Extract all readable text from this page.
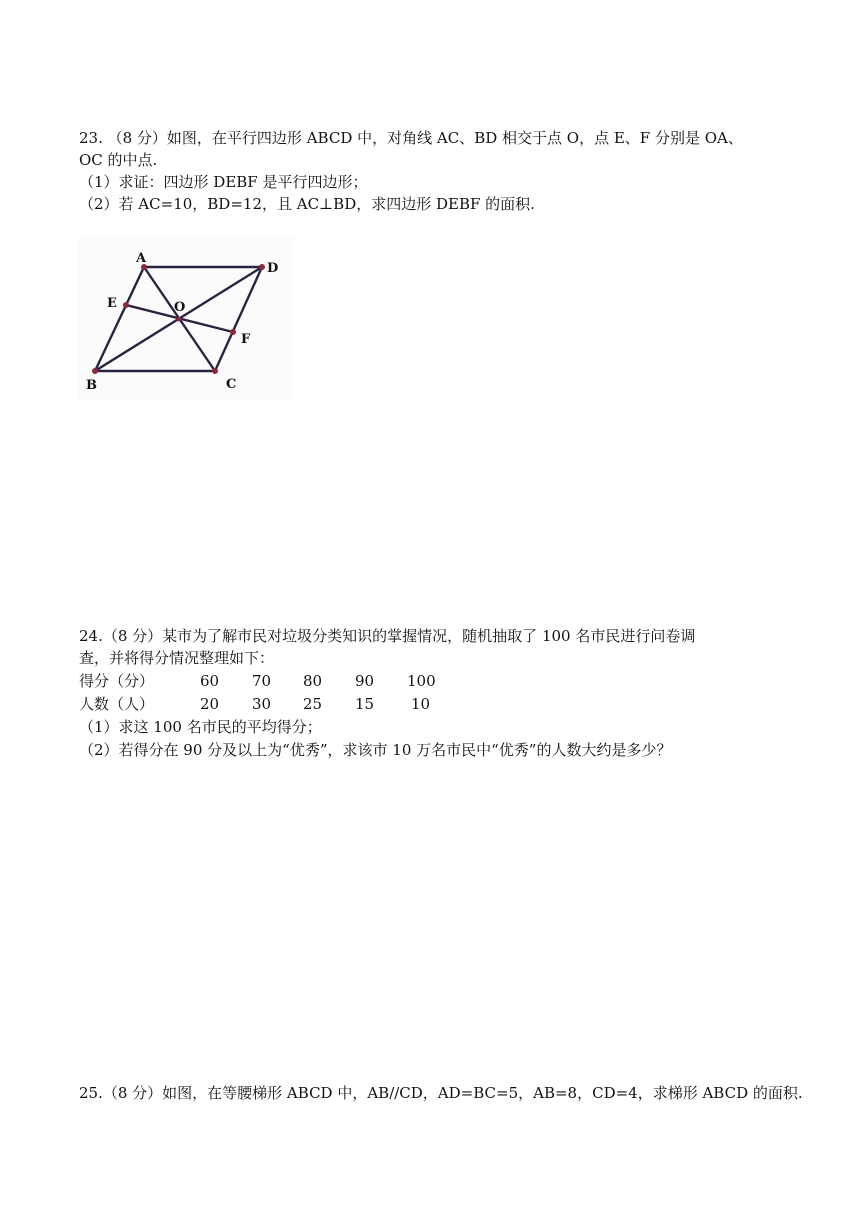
23. （8 分）如图，在平行四边形 ABCD 中，对角线 AC、BD 相交于点 O，点 E、F 分别是 OA、
OC 的中点.
（1）求证：四边形 DEBF 是平行四边形；
（2）若 AC=10，BD=12，且 AC⊥BD，求四边形 DEBF 的面积.
A
D
C
B
E
F
O
24.（8 分）某市为了解市民对垃圾分类知识的掌握情况，随机抽取了 100 名市民进行问卷调
查，并将得分情况整理如下：
得分（分）	60 70 80 90 100
人数（人）	20 30 25 15 10
（1）求这 100 名市民的平均得分；
（2）若得分在 90 分及以上为“优秀”，求该市 10 万名市民中“优秀”的人数大约是多少？
25.（8 分）如图，在等腰梯形 ABCD 中，AB//CD，AD=BC=5，AB=8，CD=4，求梯形 ABCD 的面积.
